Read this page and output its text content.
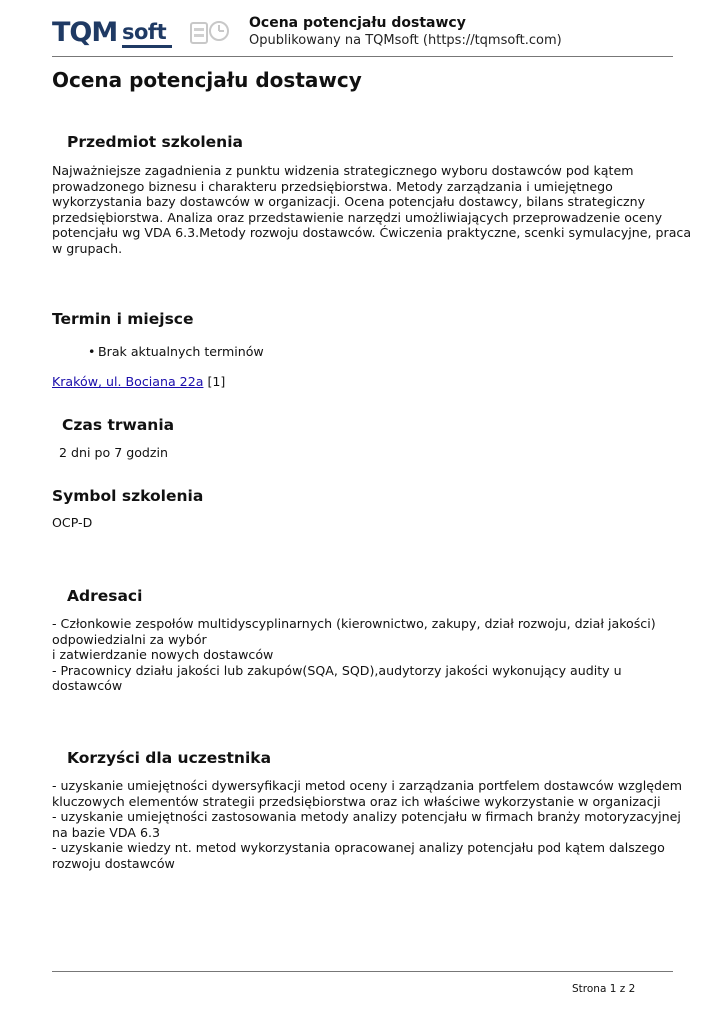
TQM soft	Ocena potencjału dostawcy
Opublikowany na TQMsoft (https://tqmsoft.com)
Ocena potencjału dostawcy
Przedmiot szkolenia
Najważniejsze zagadnienia z punktu widzenia strategicznego wyboru dostawców pod kątem
prowadzonego biznesu i charakteru przedsiębiorstwa. Metody zarządzania i umiejętnego
wykorzystania bazy dostawców w organizacji. Ocena potencjału dostawcy, bilans strategiczny
przedsiębiorstwa. Analiza oraz przedstawienie narzędzi umożliwiających przeprowadzenie oceny
potencjału wg VDA 6.3.Metody rozwoju dostawców. Ćwiczenia praktyczne, scenki symulacyjne, praca
w grupach.
Termin i miejsce
• Brak aktualnych terminów
Kraków, ul. Bociana 22a [1]
Czas trwania
2 dni po 7 godzin
Symbol szkolenia
OCP-D
Adresaci
- Członkowie zespołów multidyscyplinarnych (kierownictwo, zakupy, dział rozwoju, dział jakości)
odpowiedzialni za wybór
i zatwierdzanie nowych dostawców
- Pracownicy działu jakości lub zakupów(SQA, SQD),audytorzy jakości wykonujący audity u
dostawców
Korzyści dla uczestnika
- uzyskanie umiejętności dywersyfikacji metod oceny i zarządzania portfelem dostawców względem
kluczowych elementów strategii przedsiębiorstwa oraz ich właściwe wykorzystanie w organizacji
- uzyskanie umiejętności zastosowania metody analizy potencjału w firmach branży motoryzacyjnej
na bazie VDA 6.3
- uzyskanie wiedzy nt. metod wykorzystania opracowanej analizy potencjału pod kątem dalszego
rozwoju dostawców
Strona 1 z 2
